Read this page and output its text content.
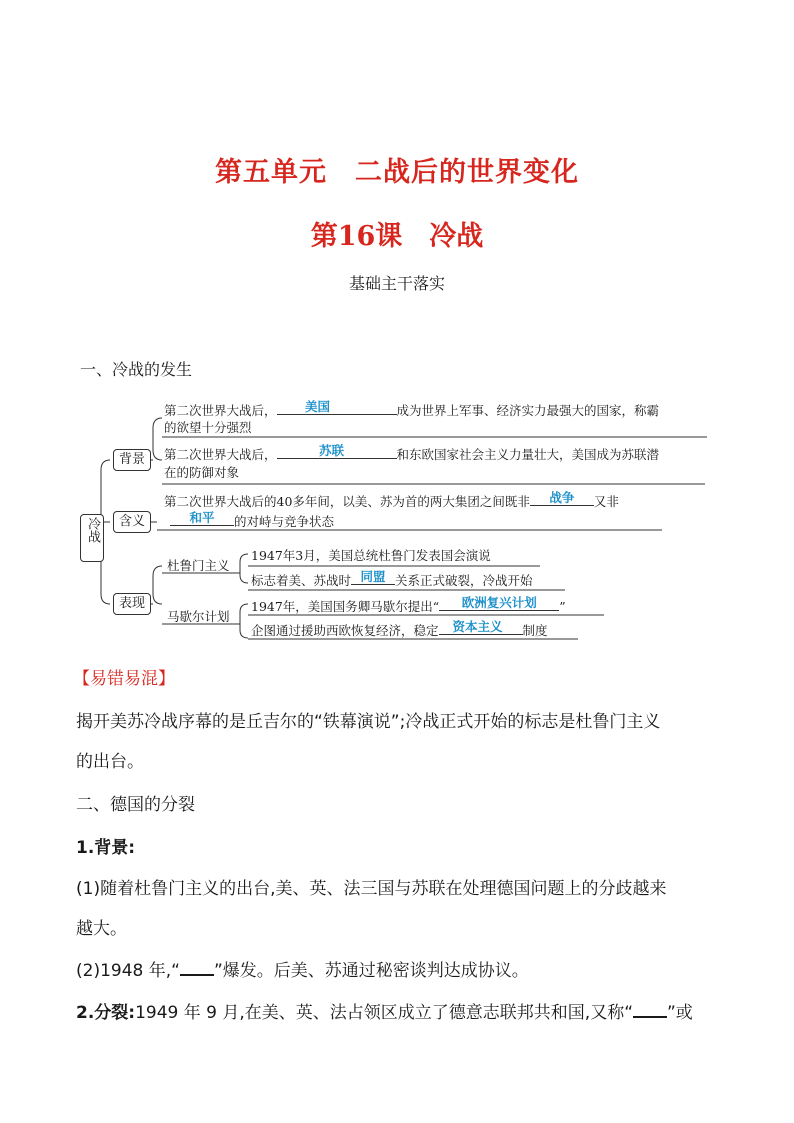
第五单元　二战后的世界变化
第16课　冷战
基础主干落实
一、冷战的发生
冷战
背景
含义
表现
第二次世界大战后，	美国	成为世界上军事、经济实力最强大的国家，称霸
的欲望十分强烈
第二次世界大战后，	苏联	和东欧国家社会主义力量壮大，美国成为苏联潜
在的防御对象
第二次世界大战后的40多年间，以美、苏为首的两大集团之间既非	战争	又非
和平	的对峙与竞争状态
杜鲁门主义
1947年3月，美国总统杜鲁门发表国会演说
标志着美、苏战时 同盟 关系正式破裂，冷战开始
马歇尔计划
1947年，美国国务卿马歇尔提出“	欧洲复兴计划	”
企图通过援助西欧恢复经济，稳定	资本主义	制度
【易错易混】
揭开美苏冷战序幕的是丘吉尔的“铁幕演说”;冷战正式开始的标志是杜鲁门主义
的出台。
二、德国的分裂
1.背景:
(1)随着杜鲁门主义的出台,美、英、法三国与苏联在处理德国问题上的分歧越来
越大。
(2)1948 年,“ ”爆发。后美、苏通过秘密谈判达成协议。
2.分裂:1949 年 9 月,在美、英、法占领区成立了德意志联邦共和国,又称“ ”或
